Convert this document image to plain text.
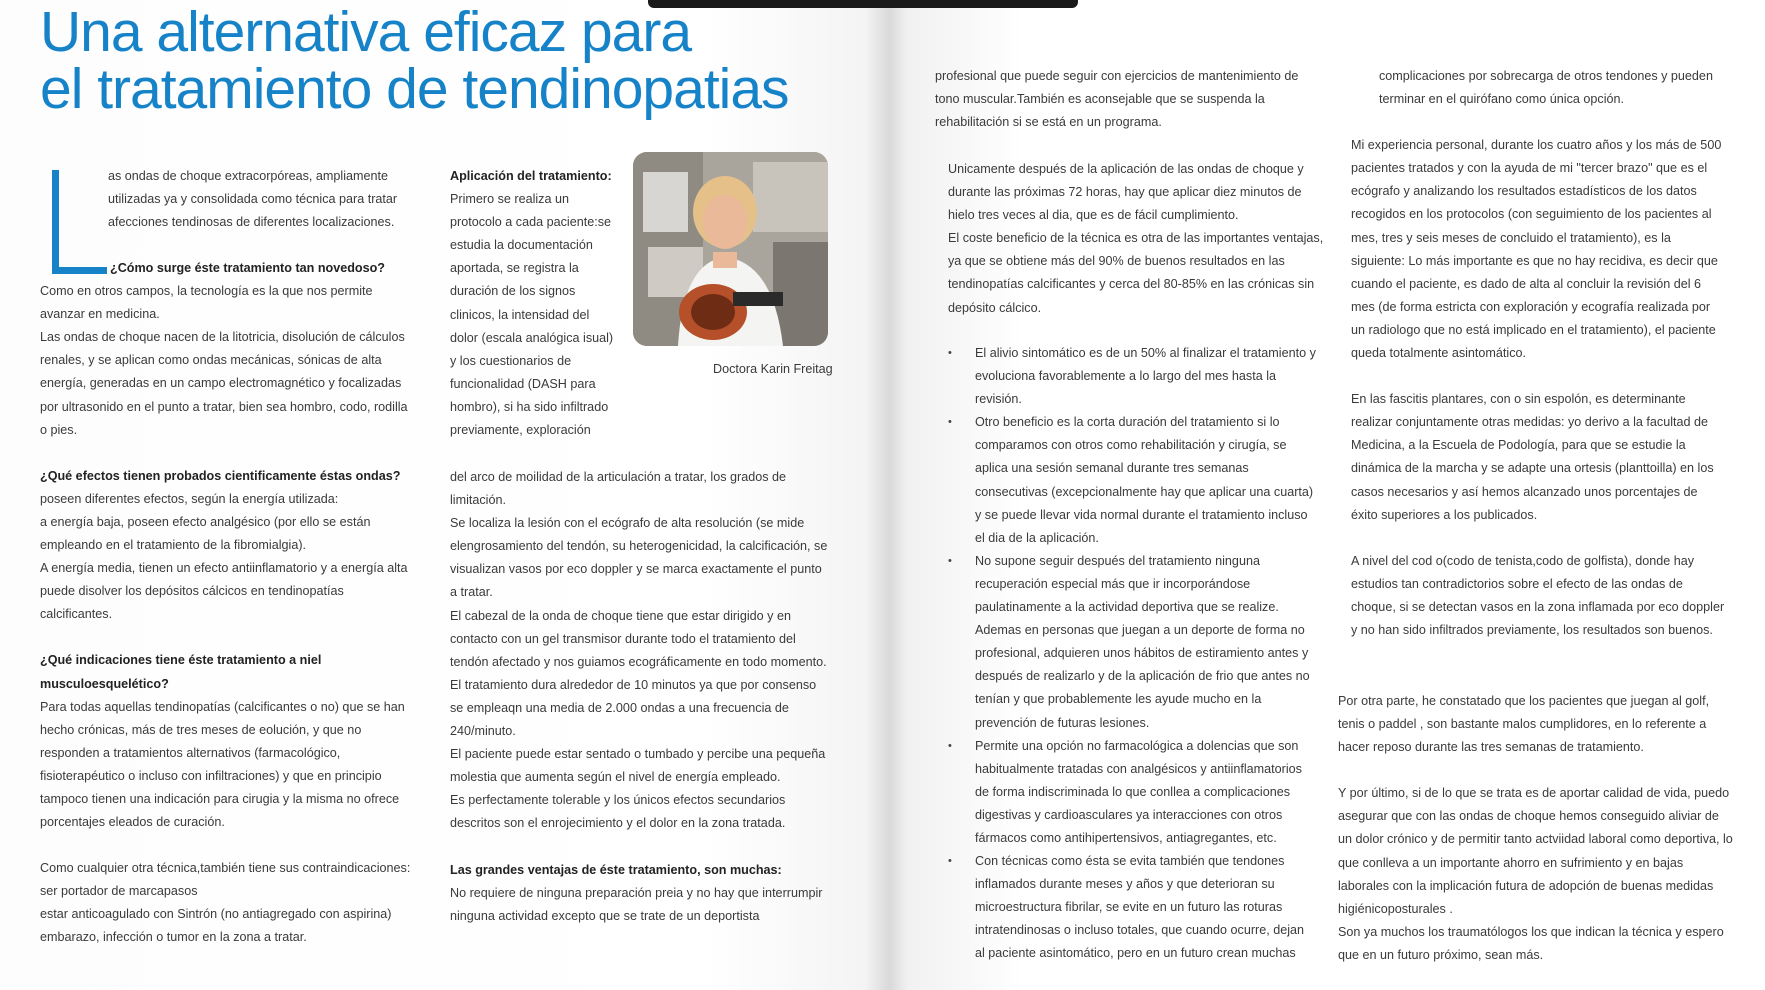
Una alternativa eficaz para
el tratamiento de tendinopatias

as ondas de choque extracorpóreas, ampliamente

utilizadas ya y consolidada como técnica para tratar

afecciones tendinosas de diferentes localizaciones.

¿Cómo surge éste tratamiento tan novedoso?

Como en otros campos, la tecnología es la que nos permite avanzar en medicina.

Las ondas de choque nacen de la litotricia, disolución de cálculos renales, y se aplican como ondas mecánicas, sónicas de alta energía, generadas en un campo electromagnético y focalizadas por ultrasonido en el punto a tratar, bien sea hombro, codo, rodilla o pies.

¿Qué efectos tienen probados cientificamente éstas ondas?

poseen diferentes efectos, según la energía utilizada:

a energía baja, poseen efecto analgésico (por ello se están empleando en el tratamiento de la fibromialgia).

A energía media, tienen un efecto antiinflamatorio y a energía alta puede disolver los depósitos cálcicos en tendinopatías calcificantes.

¿Qué indicaciones tiene éste tratamiento a niel musculoesquelético?

Para todas aquellas tendinopatías (calcificantes o no) que se han hecho crónicas, más de tres meses de eolución, y que no responden a tratamientos alternativos (farmacológico, fisioterapéutico o incluso con infiltraciones) y que en principio tampoco tienen una indicación para cirugia y la misma no ofrece porcentajes eleados de curación.

Como cualquier otra técnica,también tiene sus contraindicaciones:

ser portador de marcapasos

estar anticoagulado con Sintrón (no antiagregado con aspirina)

embarazo, infección o tumor en la zona a tratar.

Aplicación del tratamiento:

Primero se realiza un protocolo a cada paciente:se estudia la documentación aportada, se registra la duración de los signos clinicos, la intensidad del dolor (escala analógica isual) y los cuestionarios de funcionalidad (DASH para hombro), si ha sido infiltrado previamente, exploración

del arco de moilidad de la articulación a tratar, los grados de limitación.

Se localiza la lesión con el ecógrafo de alta resolución (se mide elengrosamiento del tendón, su heterogenicidad, la calcificación, se visualizan vasos por eco doppler y se marca exactamente el punto a tratar.

El cabezal de la onda de choque tiene que estar dirigido y en contacto con un gel transmisor durante todo el tratamiento del tendón afectado y nos guiamos ecográficamente en todo momento. El tratamiento dura alrededor de 10 minutos ya que por consenso se empleaqn una media de 2.000 ondas a una frecuencia de 240/minuto.

El paciente puede estar sentado o tumbado y percibe una pequeña molestia que aumenta según el nivel de energía empleado.

Es perfectamente tolerable y los únicos efectos secundarios descritos son el enrojecimiento y el dolor en la zona tratada.

Las grandes ventajas de éste tratamiento, son muchas:

No requiere de ninguna preparación preia y no hay que interrumpir ninguna actividad excepto que se trate de un deportista

Doctora Karin Freitag

profesional que puede seguir con ejercicios de mantenimiento de tono muscular.También es aconsejable que se suspenda la rehabilitación si se está en un programa.

Unicamente después de la aplicación de las ondas de choque y durante las próximas 72 horas, hay que aplicar diez minutos de hielo tres veces al dia, que es de fácil cumplimiento.

El coste beneficio de la técnica es otra de las importantes ventajas, ya que se obtiene más del 90% de buenos resultados en las tendinopatías calcificantes y cerca del 80-85% en las crónicas sin depósito cálcico.

• El alivio sintomático es de un 50% al finalizar el tratamiento y evoluciona favorablemente a lo largo del mes hasta la revisión.
• Otro beneficio es la corta duración del tratamiento si lo comparamos con otros como rehabilitación y cirugía, se aplica una sesión semanal durante tres semanas consecutivas (excepcionalmente hay que aplicar una cuarta) y se puede llevar vida normal durante el tratamiento incluso el dia de la aplicación.
• No supone seguir después del tratamiento ninguna recuperación especial más que ir incorporándose paulatinamente a la actividad deportiva que se realize. Ademas en personas que juegan a un deporte de forma no profesional, adquieren unos hábitos de estiramiento antes y después de realizarlo y de la aplicación de frio que antes no tenían y que probablemente les ayude mucho en la prevención de futuras lesiones.
• Permite una opción no farmacológica a dolencias que son habitualmente tratadas con analgésicos y antiinflamatorios de forma indiscriminada lo que conllea a complicaciones digestivas y cardioasculares ya interacciones con otros fármacos como antihipertensivos, antiagregantes, etc.
• Con técnicas como ésta se evita también que tendones inflamados durante meses y años y que deterioran su microestructura fibrilar, se evite en un futuro las roturas intratendinosas o incluso totales, que cuando ocurre, dejan al paciente asintomático, pero en un futuro crean muchas

complicaciones por sobrecarga de otros tendones y pueden terminar en el quirófano como única opción.

Mi experiencia personal, durante los cuatro años y los más de 500 pacientes tratados y con la ayuda de mi "tercer brazo" que es el ecógrafo y analizando los resultados estadísticos de los datos recogidos en los protocolos (con seguimiento de los pacientes al mes, tres y seis meses de concluido el tratamiento), es la siguiente: Lo más importante es que no hay recidiva, es decir que cuando el paciente, es dado de alta al concluir la revisión del 6 mes (de forma estricta con exploración y ecografía realizada por un radiologo que no está implicado en el tratamiento), el paciente queda totalmente asintomático.

En las fascitis plantares, con o sin espolón, es determinante realizar conjuntamente otras medidas: yo derivo a la facultad de Medicina, a la Escuela de Podología, para que se estudie la dinámica de la marcha y se adapte una ortesis (planttoilla) en los casos necesarios y así hemos alcanzado unos porcentajes de éxito superiores a los publicados.

A nivel del cod o(codo de tenista,codo de golfista), donde hay estudios tan contradictorios sobre el efecto de las ondas de choque, si se detectan vasos en la zona inflamada por eco doppler y no han sido infiltrados previamente, los resultados son buenos.

Por otra parte, he constatado que los pacientes que juegan al golf, tenis o paddel , son bastante malos cumplidores, en lo referente a hacer reposo durante las tres semanas de tratamiento.

Y por último, si de lo que se trata es de aportar calidad de vida, puedo asegurar que con las ondas de choque hemos conseguido aliviar de un dolor crónico y de permitir tanto actviidad laboral como deportiva, lo que conlleva a un importante ahorro en sufrimiento y en bajas laborales con la implicación futura de adopción de buenas medidas higiénicoposturales .

Son ya muchos los traumatólogos los que indican la técnica y espero que en un futuro próximo, sean más.
